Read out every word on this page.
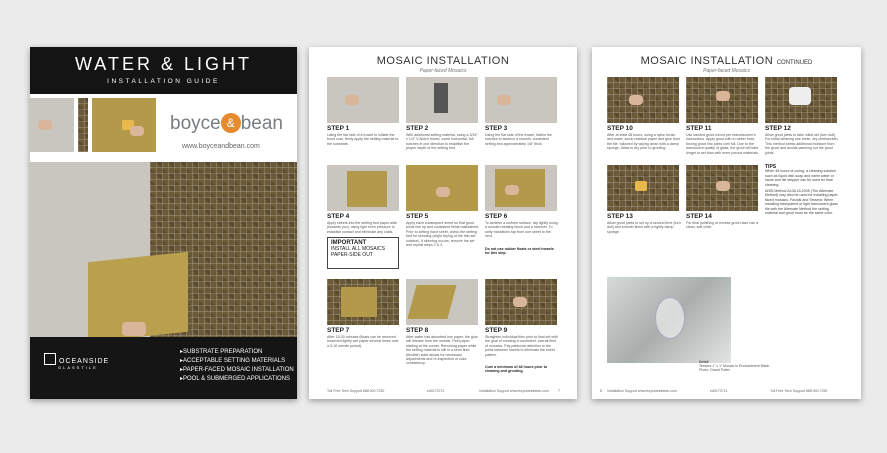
WATER & LIGHT
INSTALLATION GUIDE
boyce & bean
www.boyceandbean.com
OCEANSIDE
GLASSTILE
▸ SUBSTRATE PREPARATION
▸ ACCEPTABLE SETTING MATERIALS
▸ PAPER-FACED MOSAIC INSTALLATION
▸ POOL & SUBMERGED APPLICATIONS
MOSAIC INSTALLATION
Paper-faced Mosaics
STEP 1	STEP 2	STEP 3
Using the flat side of a trowel to initiate the bond coat, firmly apply the setting material to the substrate.
With additional setting material, using a 3/16" x 1/4" V-Notch trowel, comb horizontal, full notches in one direction to establish the proper depth of the setting bed.
Using the flat side of the trowel, flatten the notches to achieve a smooth, consistent setting bed approximately 1/8" thick.
STEP 4	STEP 5	STEP 6
Apply sheets into the setting bed paper-side (towards you), using light even pressure to establish contact and eliminate any voids.
Apply each subsequent sheet so that grout joints line up and consistent fields maintained. Prior to setting each sheet, check the setting bed for skinning (slight drying of the thin-set surface). If skinning occurs, remove the set and repeat steps 2 & 3.
To achieve a uniform surface, tap lightly using a wooden beating block and a hammer. To unify transitions tap from one sheet to the next.
Do not use rubber floats or steel trowels for this step.
IMPORTANT
INSTALL ALL MOSAICS
PAPER-SIDE OUT
STEP 7	STEP 8	STEP 9
After 15-30 minutes (floats can be removed loosened lightly wet paper several times over a 5-10 minute period).
After water has absorbed into paper, the glue will release from the mosaic. Peel paper starting at the corner. Removing paper while the setting material is still in a semi-fluid (flexible) state allows for necessary adjustments and re-inspection of color consistency.
Straighten individual tiles prior to final set with the goal of creating a consistent, overall field of mosaics. Pay particular attention to the joints between sheets to eliminate the sheet pattern.
Cure a minimum of 48 hours prior to cleaning and grouting.
Toll Free Tech Support 888.000.7250	ed0170721	Installation Support www.boyceandbean.com	7
MOSAIC INSTALLATION CONTINUED
Paper-faced Mosaics
STEP 10	STEP 11	STEP 12
After at least 48 hours, using a nylon brush and water, scrub residual paper and glue from the tile, followed by wiping clean with a damp sponge. Allow to dry prior to grouting.
Use sanded grout mixed per manufacturer's instructions. Apply grout with a rubber float, forcing grout into joints until full. Due to the translucent quality of glass, the grout will take longer to set than with more porous materials.
Allow grout joints to take initial set (turn dull). For initial cleaning use clean, dry cheesecloth. This method seeks additional moisture from the grout and avoids washing out the grout joints.
TIPS
When 48 hours of curing, a cleaning solution such as liquid dish soap and warm water or stone and tile stripper can be used for final cleaning.
ANSI Method A108.15-2005 (The Alternate Method) may also be used for installing paper-faced mosaics. Facials and Tessera: When installing transparent or light translucent glass tile with the Alternate Method the setting material and grout must be the same color.
STEP 13	STEP 14
Allow grout joints to set up a second time (turn dull) and smooth finish with a lightly damp sponge.
For final polishing of excess grout haze use a clean, soft cloth.
Detail
Tessera 1" x 1" Mosaic in Enchantment Black
Photo: Grand Potter
8 Installation Support www.boyceandbean.com	ed0170721	Toll Free Tech Support 888.000.7250
